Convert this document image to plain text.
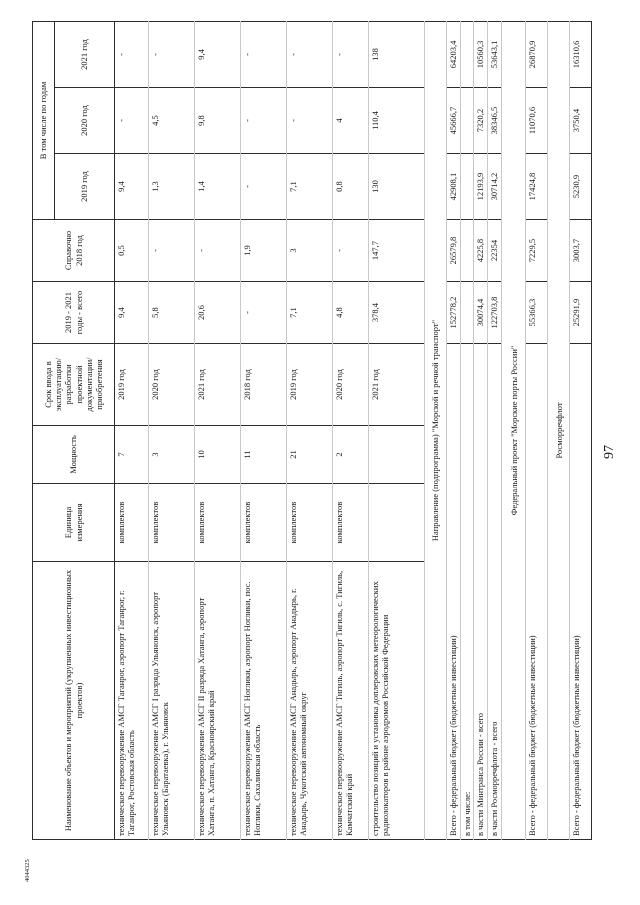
4044325
97
Наименование объектов и мероприятий (укрупненных инвестиционных проектов)	Единица измерения	Мощность	Срок ввода в эксплуатацию/ разработки проектной документации/ приобретения	2019 - 2021 годы - всего	Справочно 2018 год	В том числе по годам		
						2019 год	2020 год	2021 год
техническое перевооружение АМСГ Таганрог, аэропорт Таганрог, г. Таганрог, Ростовская область	комплектов	7	2019 год	9,4	0,5	9,4	-	-
техническое перевооружение АМСГ I разряда Ульяновск, аэропорт Ульяновск (Баратаевка), г. Ульяновск	комплектов	3	2020 год	5,8	-	1,3	4,5	-
техническое перевооружение АМСГ II разряда Хатанга, аэропорт Хатанга, п. Хатанга, Красноярский край	комплектов	10	2021 год	20,6	-	1,4	9,8	9,4
техническое перевооружение АМСГ Ноглики, аэропорт Ноглики, пос. Ноглики, Сахалинская область	комплектов	11	2018 год	-	1,9	-	-	-
техническое перевооружение АМСГ Анадырь, аэропорт Анадырь, г. Анадырь, Чукотский автономный округ	комплектов	21	2019 год	7,1	3	7,1	-	-
техническое перевооружение АМСГ Тигиль, аэропорт Тигиль, с. Тигиль, Камчатский край	комплектов	2	2020 год	4,8	-	0,8	4	-
строительство позиций и установка доплеровских метеорологических радиолокаторов в районе аэродромов Российской Федерации			2021 год	378,4	147,7	130	110,4	138
Направление (подпрограмма) "Морской и речной транспорт"								
Всего - федеральный бюджет (бюджетные инвестиции)				152778,2	26579,8	42908,1	45666,7	64203,4
в том числе:								
в части Минтранса России - всего				30074,4	4225,8	12193,9	7320,2	10560,3
в части Росморречфлота - всего				122703,8	22354	30714,2	38346,5	53643,1
Федеральный проект "Морские порты России"								
Всего - федеральный бюджет (бюджетные инвестиции)				55366,3	7229,5	17424,8	11070,6	26870,9
Росморречфлот								
Всего - федеральный бюджет (бюджетные инвестиции)				25291,9	3003,7	5230,9	3750,4	16310,6
